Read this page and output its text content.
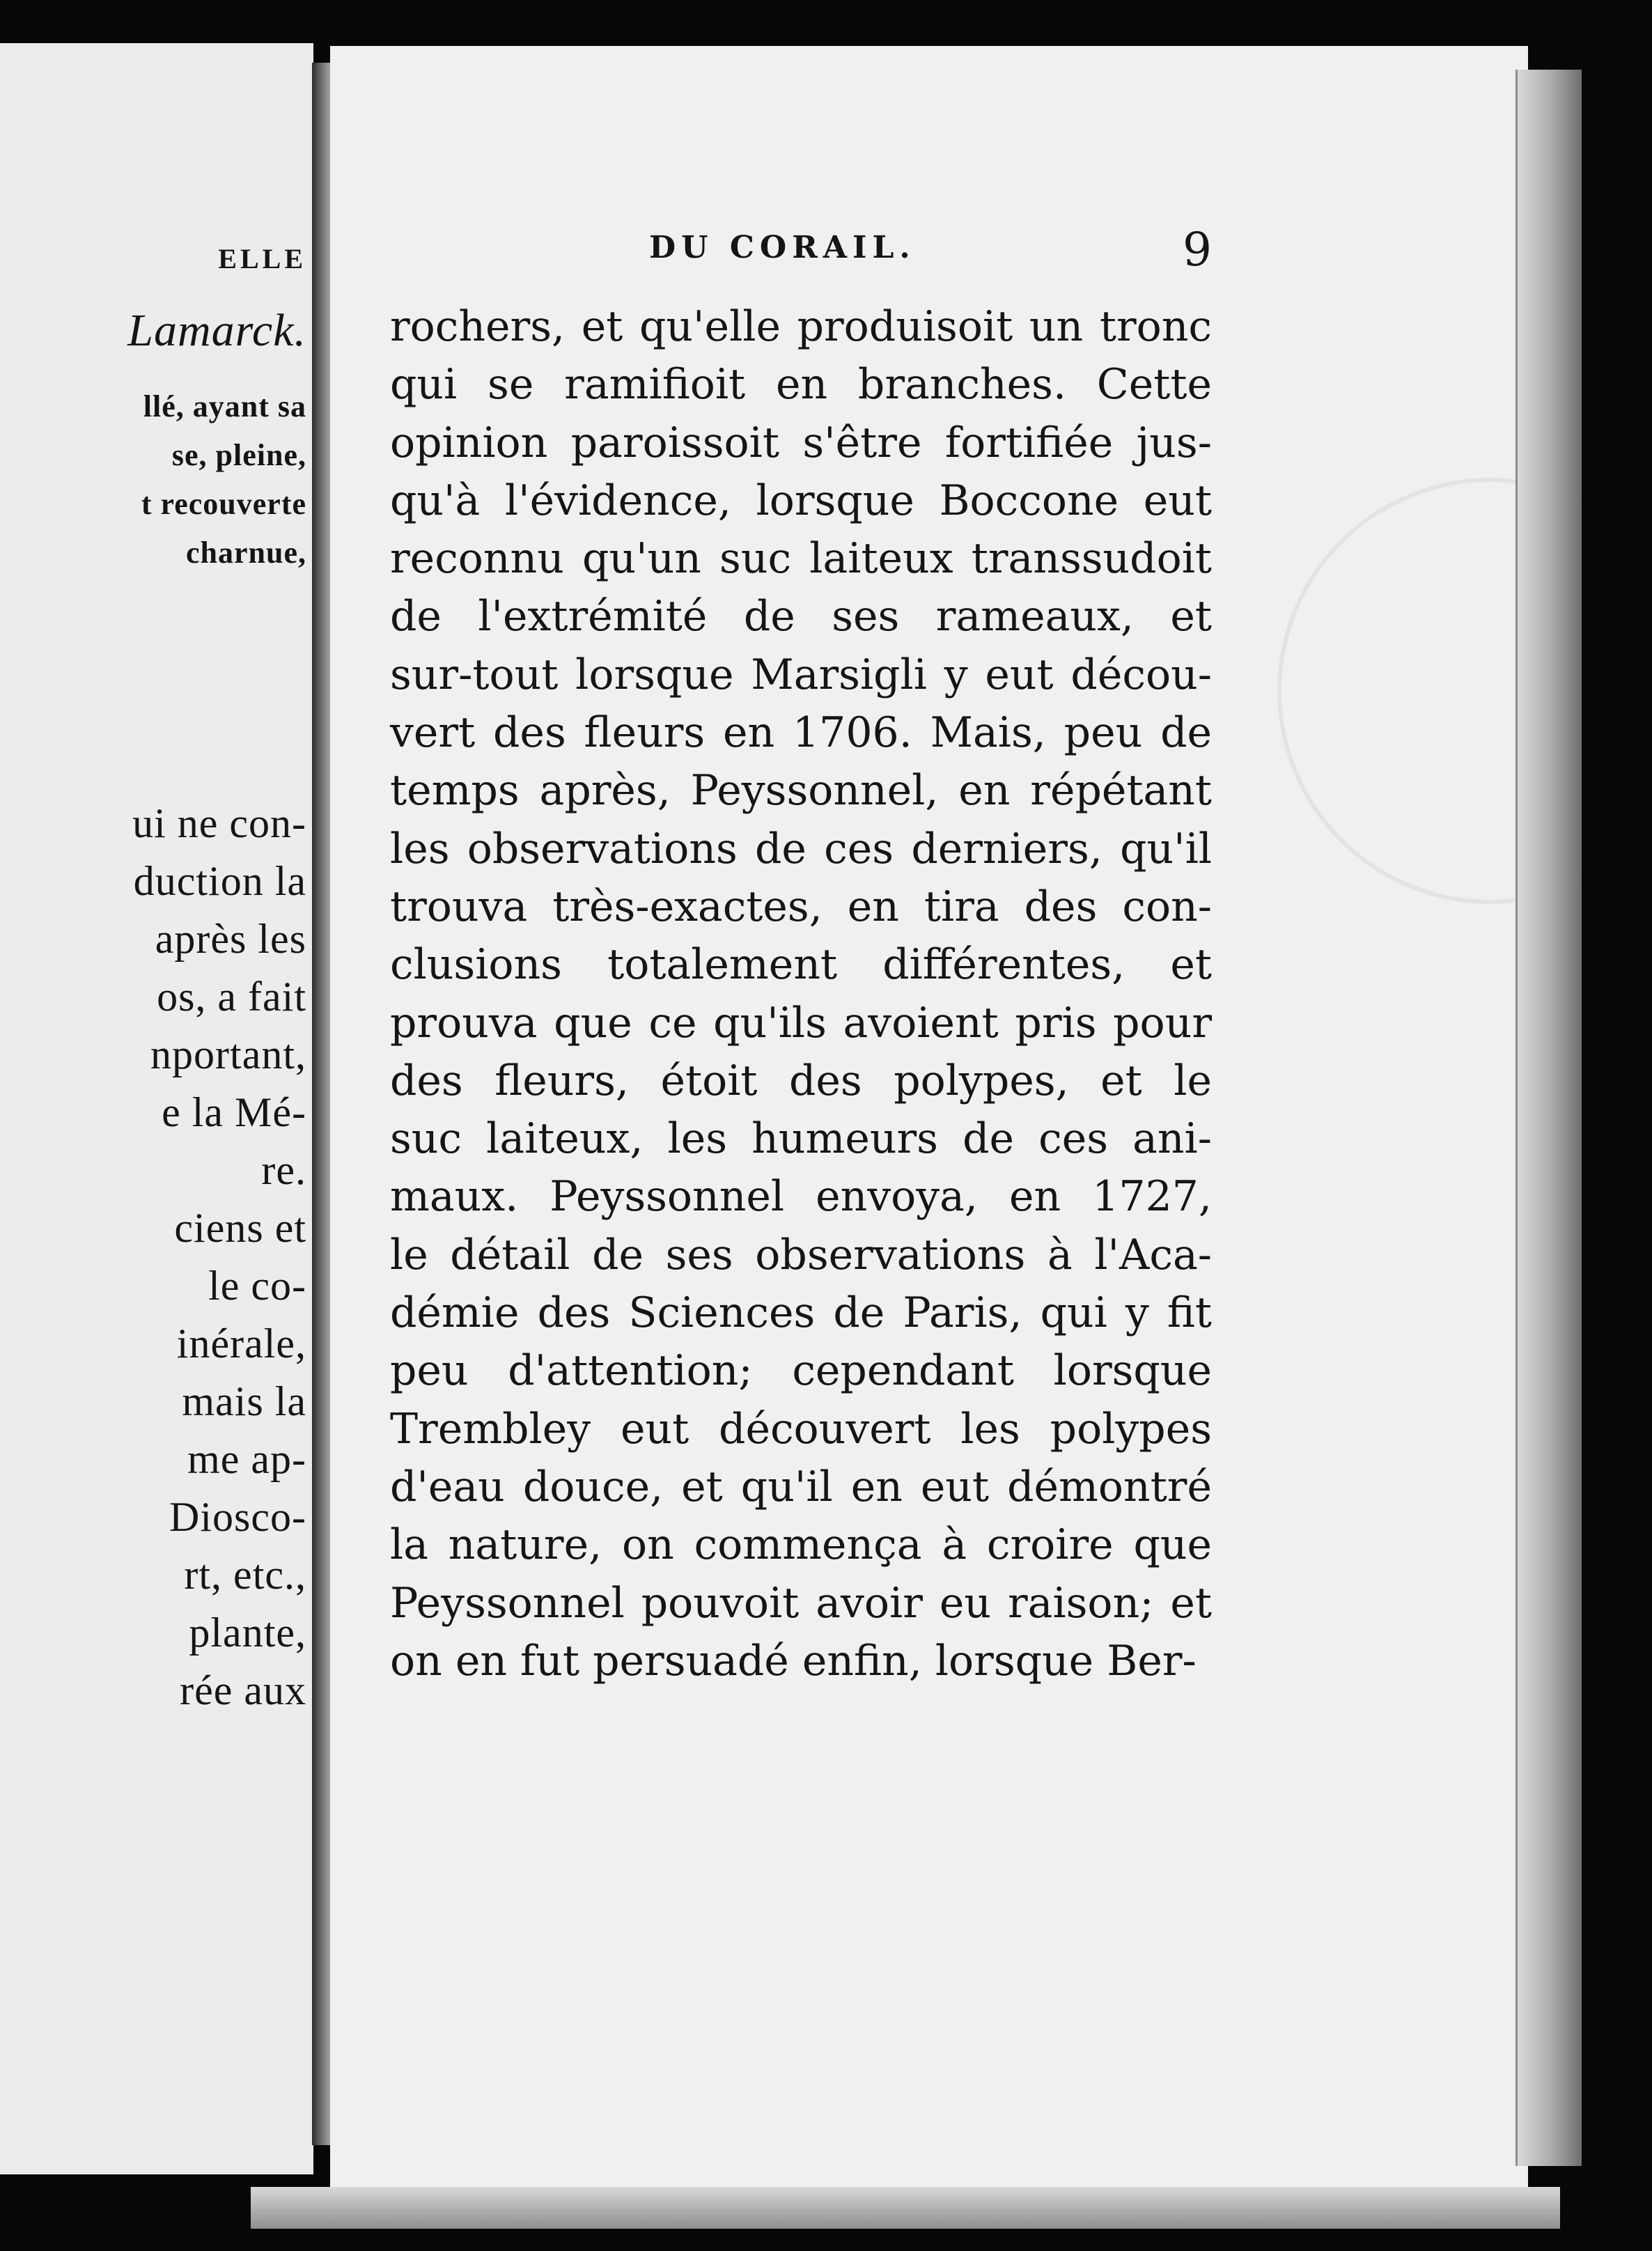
ELLE
Lamarck.
llé, ayant sa
se, pleine,
t recouverte
charnue,
ui ne con-
duction la
après les
os, a fait
nportant,
e la Mé-
re.
ciens et
le co-
inérale,
mais la
me ap-
Diosco-
rt, etc.,
plante,
rée aux
DU CORAIL.	9
rochers, et qu'elle produisoit un tronc
qui se ramifioit en branches. Cette
opinion paroissoit s'être fortifiée jus-
qu'à l'évidence, lorsque Boccone eut
reconnu qu'un suc laiteux transsudoit
de l'extrémité de ses rameaux, et
sur-tout lorsque Marsigli y eut décou-
vert des fleurs en 1706. Mais, peu de
temps après, Peyssonnel, en répétant
les observations de ces derniers, qu'il
trouva très-exactes, en tira des con-
clusions totalement différentes, et
prouva que ce qu'ils avoient pris pour
des fleurs, étoit des polypes, et le
suc laiteux, les humeurs de ces ani-
maux. Peyssonnel envoya, en 1727,
le détail de ses observations à l'Aca-
démie des Sciences de Paris, qui y fit
peu d'attention; cependant lorsque
Trembley eut découvert les polypes
d'eau douce, et qu'il en eut démontré
la nature, on commença à croire que
Peyssonnel pouvoit avoir eu raison; et
on en fut persuadé enfin, lorsque Ber-
